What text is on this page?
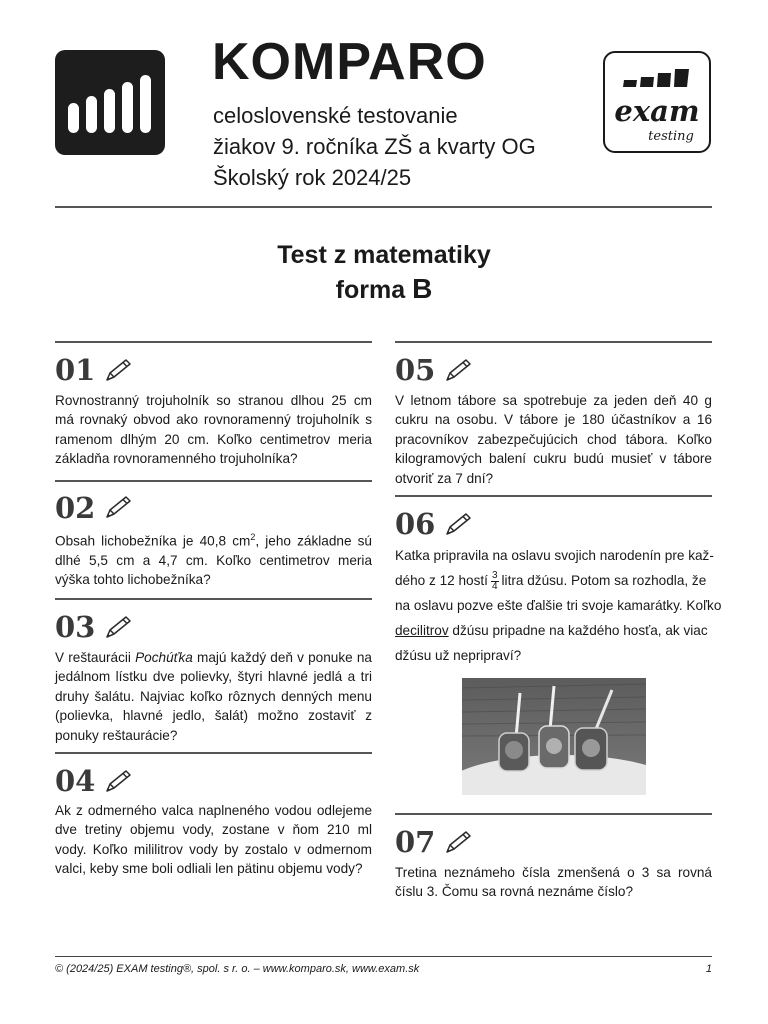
KOMPARO
celoslovenské testovanie
žiakov 9. ročníka ZŠ a kvarty OG
Školský rok 2024/25
exam
testing
Test z matematiky
forma B
01
Rovnostranný trojuholník so stranou dlhou 25 cm má rovnaký obvod ako rovnoramenný trojuholník s ramenom dlhým 20 cm. Koľko centimetrov meria základňa rovnoramenného trojuholníka?
02
Obsah lichobežníka je 40,8 $cm^2$, jeho základne sú dlhé 5,5 cm a 4,7 cm. Koľko centimetrov meria výška tohto lichobežníka?
03
V reštaurácii Pochúťka majú každý deň v ponuke na jedálnom lístku dve polievky, štyri hlavné jedlá a tri druhy šalátu. Najviac koľko rôznych denných menu (polievka, hlavné jedlo, šalát) možno zostaviť z ponuky reštaurácie?
04
Ak z odmerného valca naplneného vodou odlejeme dve tretiny objemu vody, zostane v ňom 210 ml vody. Koľko mililitrov vody by zostalo v odmernom valci, keby sme boli odliali len pätinu objemu vody?
05
V letnom tábore sa spotrebuje za jeden deň 40 g cukru na osobu. V tábore je 180 účastníkov a 16 pracovníkov zabezpečujúcich chod tábora. Koľko kilogramových balení cukru budú musieť v tábore otvoriť za 7 dní?
06
Katka pripravila na oslavu svojich narodenín pre kaž-
dého z 12 hostí $\frac{3}{4}$ litra džúsu. Potom sa rozhodla, že
na oslavu pozve ešte ďalšie tri svoje kamarátky. Koľko
decilitrov džúsu pripadne na každého hosťa, ak viac
džúsu už nepripraví?
07
Tretina neznámeho čísla zmenšená o 3 sa rovná číslu 3. Čomu sa rovná neznáme číslo?
© (2024/25) EXAM testing®, spol. s r. o. – www.komparo.sk, www.exam.sk	1
